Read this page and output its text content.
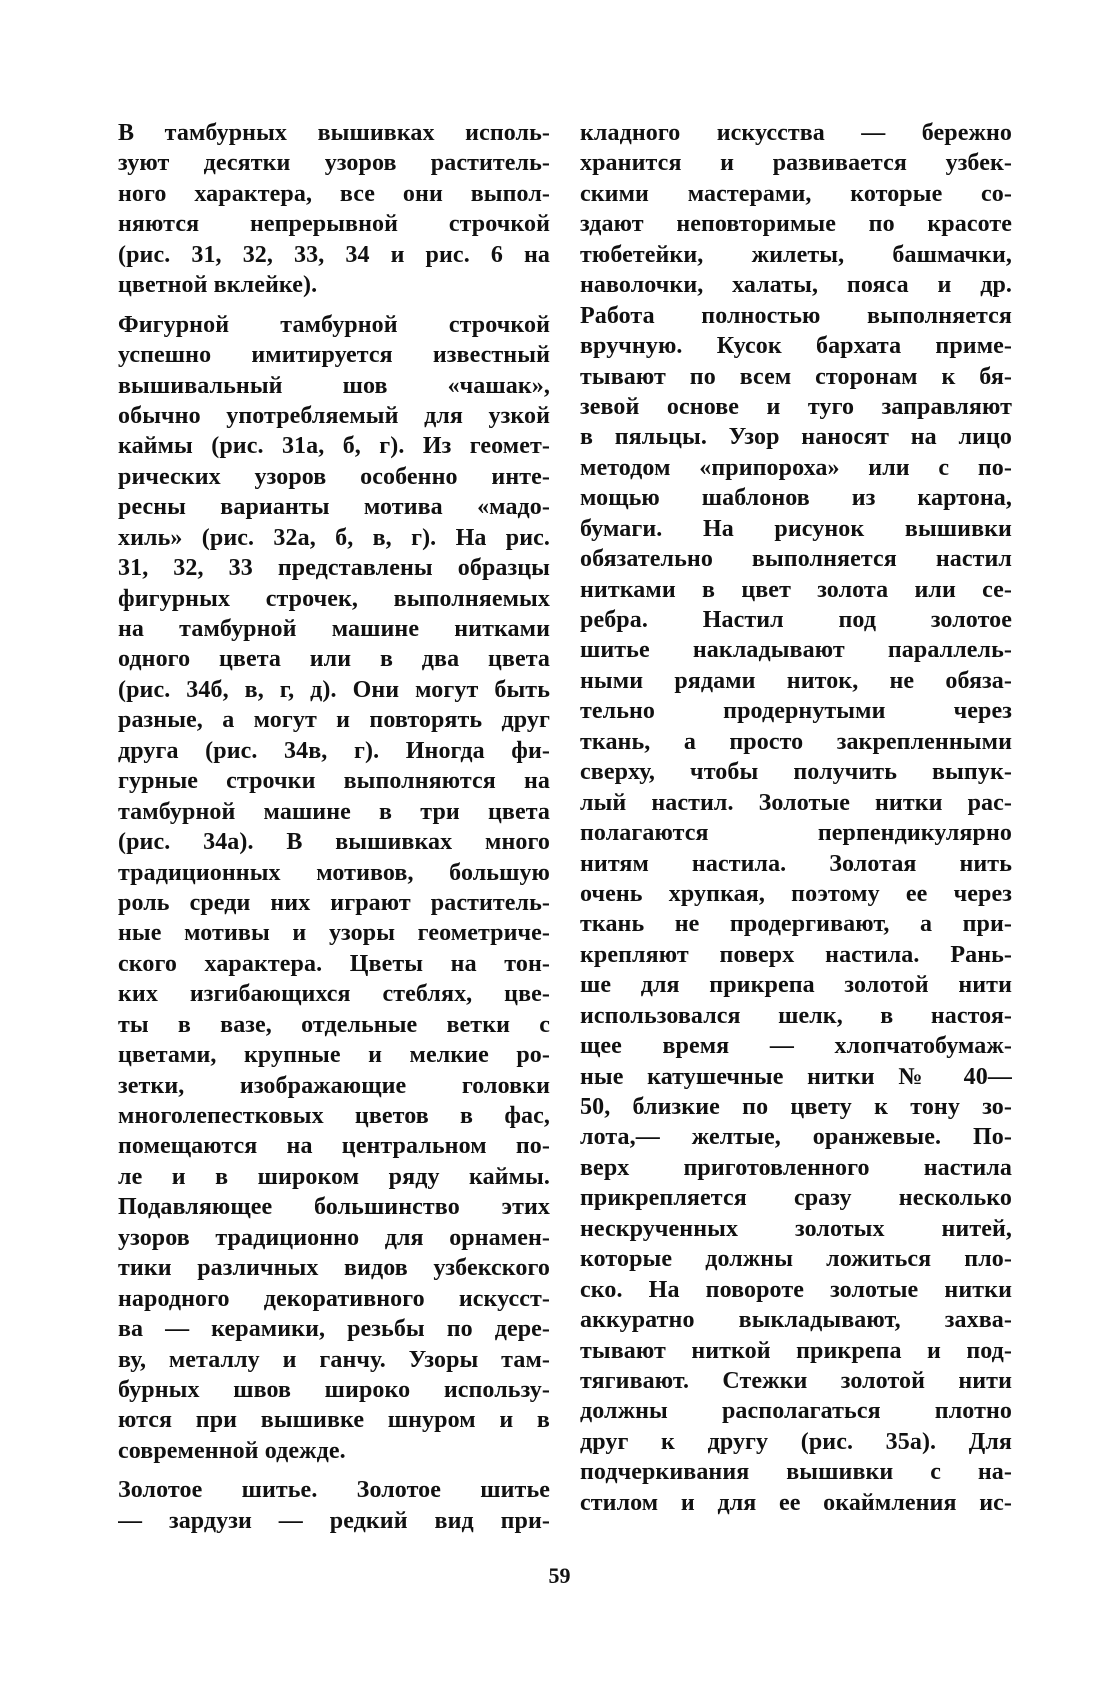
В тамбурных вышивках исполь-
зуют десятки узоров раститель-
ного характера, все они выпол-
няются непрерывной строчкой
(рис. 31, 32, 33, 34 и рис. 6 на
цветной вклейке).
Фигурной тамбурной строчкой
успешно имитируется известный
вышивальный шов «чашак»,
обычно употребляемый для узкой
каймы (рис. 31а, б, г). Из геомет-
рических узоров особенно инте-
ресны варианты мотива «мадо-
хиль» (рис. 32а, б, в, г). На рис.
31, 32, 33 представлены образцы
фигурных строчек, выполняемых
на тамбурной машине нитками
одного цвета или в два цвета
(рис. 34б, в, г, д). Они могут быть
разные, а могут и повторять друг
друга (рис. 34в, г). Иногда фи-
гурные строчки выполняются на
тамбурной машине в три цвета
(рис. 34а). В вышивках много
традиционных мотивов, большую
роль среди них играют раститель-
ные мотивы и узоры геометриче-
ского характера. Цветы на тон-
ких изгибающихся стеблях, цве-
ты в вазе, отдельные ветки с
цветами, крупные и мелкие ро-
зетки, изображающие головки
многолепестковых цветов в фас,
помещаются на центральном по-
ле и в широком ряду каймы.
Подавляющее большинство этих
узоров традиционно для орнамен-
тики различных видов узбекского
народного декоративного искусст-
ва — керамики, резьбы по дере-
ву, металлу и ганчу. Узоры там-
бурных швов широко использу-
ются при вышивке шнуром и в
современной одежде.
Золотое шитье. Золотое шитье
— зардузи — редкий вид при-
кладного искусства — бережно
хранится и развивается узбек-
скими мастерами, которые со-
здают неповторимые по красоте
тюбетейки, жилеты, башмачки,
наволочки, халаты, пояса и др.
Работа полностью выполняется
вручную. Кусок бархата приме-
тывают по всем сторонам к бя-
зевой основе и туго заправляют
в пяльцы. Узор наносят на лицо
методом «припороха» или с по-
мощью шаблонов из картона,
бумаги. На рисунок вышивки
обязательно выполняется настил
нитками в цвет золота или се-
ребра. Настил под золотое
шитье накладывают параллель-
ными рядами ниток, не обяза-
тельно продернутыми через
ткань, а просто закрепленными
сверху, чтобы получить выпук-
лый настил. Золотые нитки рас-
полагаются перпендикулярно
нитям настила. Золотая нить
очень хрупкая, поэтому ее через
ткань не продергивают, а при-
крепляют поверх настила. Рань-
ше для прикрепа золотой нити
использовался шелк, в настоя-
щее время — хлопчатобумаж-
ные катушечные нитки № 40—
50, близкие по цвету к тону зо-
лота,— желтые, оранжевые. По-
верх приготовленного настила
прикрепляется сразу несколько
нескрученных золотых нитей,
которые должны ложиться пло-
ско. На повороте золотые нитки
аккуратно выкладывают, захва-
тывают ниткой прикрепа и под-
тягивают. Стежки золотой нити
должны располагаться плотно
друг к другу (рис. 35а). Для
подчеркивания вышивки с на-
стилом и для ее окаймления ис-
59
